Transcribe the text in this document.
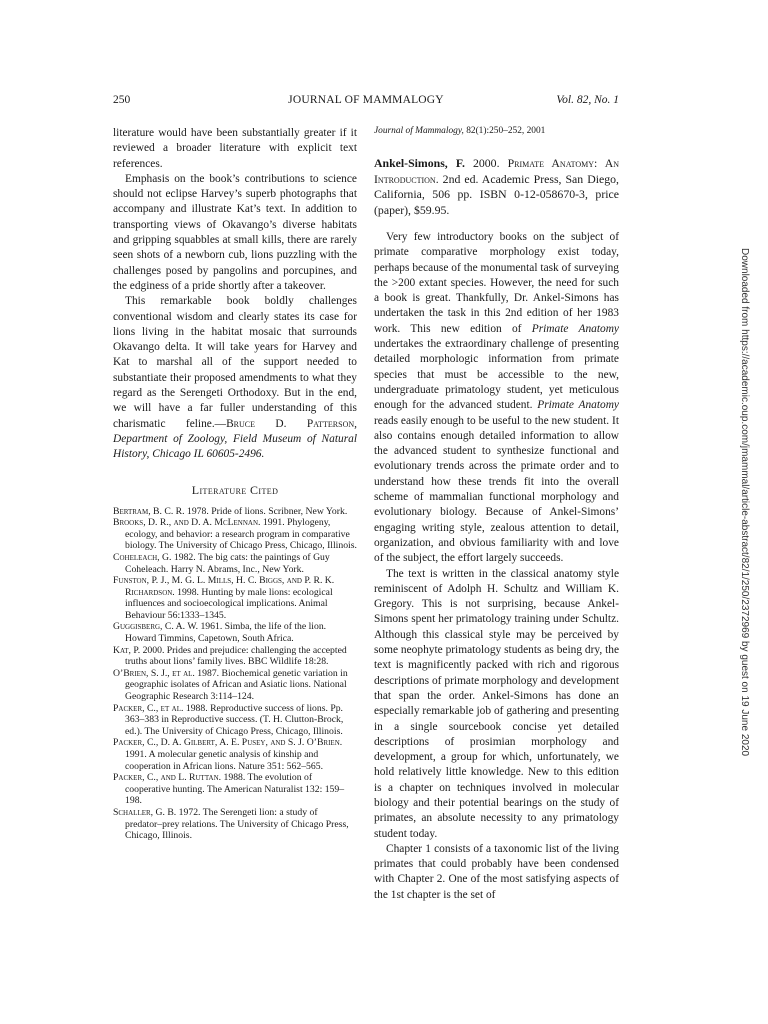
250	JOURNAL OF MAMMALOGY	Vol. 82, No. 1

literature would have been substantially greater if it reviewed a broader literature with explicit text references.

Emphasis on the book’s contributions to science should not eclipse Harvey’s superb photographs that accompany and illustrate Kat’s text. In addition to transporting views of Okavango’s diverse habitats and gripping squabbles at small kills, there are rarely seen shots of a newborn cub, lions puzzling with the challenges posed by pangolins and porcupines, and the edginess of a pride shortly after a takeover.

This remarkable book boldly challenges conventional wisdom and clearly states its case for lions living in the habitat mosaic that surrounds Okavango delta. It will take years for Harvey and Kat to marshal all of the support needed to substantiate their proposed amendments to what they regard as the Serengeti Orthodoxy. But in the end, we will have a far fuller understanding of this charismatic feline.—Bruce D. Patterson, Department of Zoology, Field Museum of Natural History, Chicago IL 60605-2496.

Literature Cited
Bertram, B. C. R. 1978. Pride of lions. Scribner, New York.
Brooks, D. R., and D. A. McLennan. 1991. Phylogeny, ecology, and behavior: a research program in comparative biology. The University of Chicago Press, Chicago, Illinois.
Coheleach, G. 1982. The big cats: the paintings of Guy Coheleach. Harry N. Abrams, Inc., New York.
Funston, P. J., M. G. L. Mills, H. C. Biggs, and P. R. K. Richardson. 1998. Hunting by male lions: ecological influences and socioecological implications. Animal Behaviour 56:1333–1345.
Guggisberg, C. A. W. 1961. Simba, the life of the lion. Howard Timmins, Capetown, South Africa.
Kat, P. 2000. Prides and prejudice: challenging the accepted truths about lions’ family lives. BBC Wildlife 18:28.
O’Brien, S. J., et al. 1987. Biochemical genetic variation in geographic isolates of African and Asiatic lions. National Geographic Research 3:114–124.
Packer, C., et al. 1988. Reproductive success of lions. Pp. 363–383 in Reproductive success. (T. H. Clutton-Brock, ed.). The University of Chicago Press, Chicago, Illinois.
Packer, C., D. A. Gilbert, A. E. Pusey, and S. J. O’Brien. 1991. A molecular genetic analysis of kinship and cooperation in African lions. Nature 351: 562–565.
Packer, C., and L. Ruttan. 1988. The evolution of cooperative hunting. The American Naturalist 132: 159–198.
Schaller, G. B. 1972. The Serengeti lion: a study of predator–prey relations. The University of Chicago Press, Chicago, Illinois.

Journal of Mammalogy, 82(1):250–252, 2001

Ankel-Simons, F. 2000. Primate Anatomy: An Introduction. 2nd ed. Academic Press, San Diego, California, 506 pp. ISBN 0-12-058670-3, price (paper), $59.95.

Very few introductory books on the subject of primate comparative morphology exist today, perhaps because of the monumental task of surveying the >200 extant species. However, the need for such a book is great. Thankfully, Dr. Ankel-Simons has undertaken the task in this 2nd edition of her 1983 work. This new edition of Primate Anatomy undertakes the extraordinary challenge of presenting detailed morphologic information from primate species that must be accessible to the new, undergraduate primatology student, yet meticulous enough for the advanced student. Primate Anatomy reads easily enough to be useful to the new student. It also contains enough detailed information to allow the advanced student to synthesize functional and evolutionary trends across the primate order and to understand how these trends fit into the overall scheme of mammalian functional morphology and evolutionary biology. Because of Ankel-Simons’ engaging writing style, zealous attention to detail, organization, and obvious familiarity with and love of the subject, the effort largely succeeds.

The text is written in the classical anatomy style reminiscent of Adolph H. Schultz and William K. Gregory. This is not surprising, because Ankel-Simons spent her primatology training under Schultz. Although this classical style may be perceived by some neophyte primatology students as being dry, the text is magnificently packed with rich and rigorous descriptions of primate morphology and development that span the order. Ankel-Simons has done an especially remarkable job of gathering and presenting in a single sourcebook concise yet detailed descriptions of prosimian morphology and development, a group for which, unfortunately, we hold relatively little knowledge. New to this edition is a chapter on techniques involved in molecular biology and their potential bearings on the study of primates, an absolute necessity to any primatology student today.

Chapter 1 consists of a taxonomic list of the living primates that could probably have been condensed with Chapter 2. One of the most satisfying aspects of the 1st chapter is the set of

Downloaded from https://academic.oup.com/jmammal/article-abstract/82/1/250/2372969 by guest on 19 June 2020
